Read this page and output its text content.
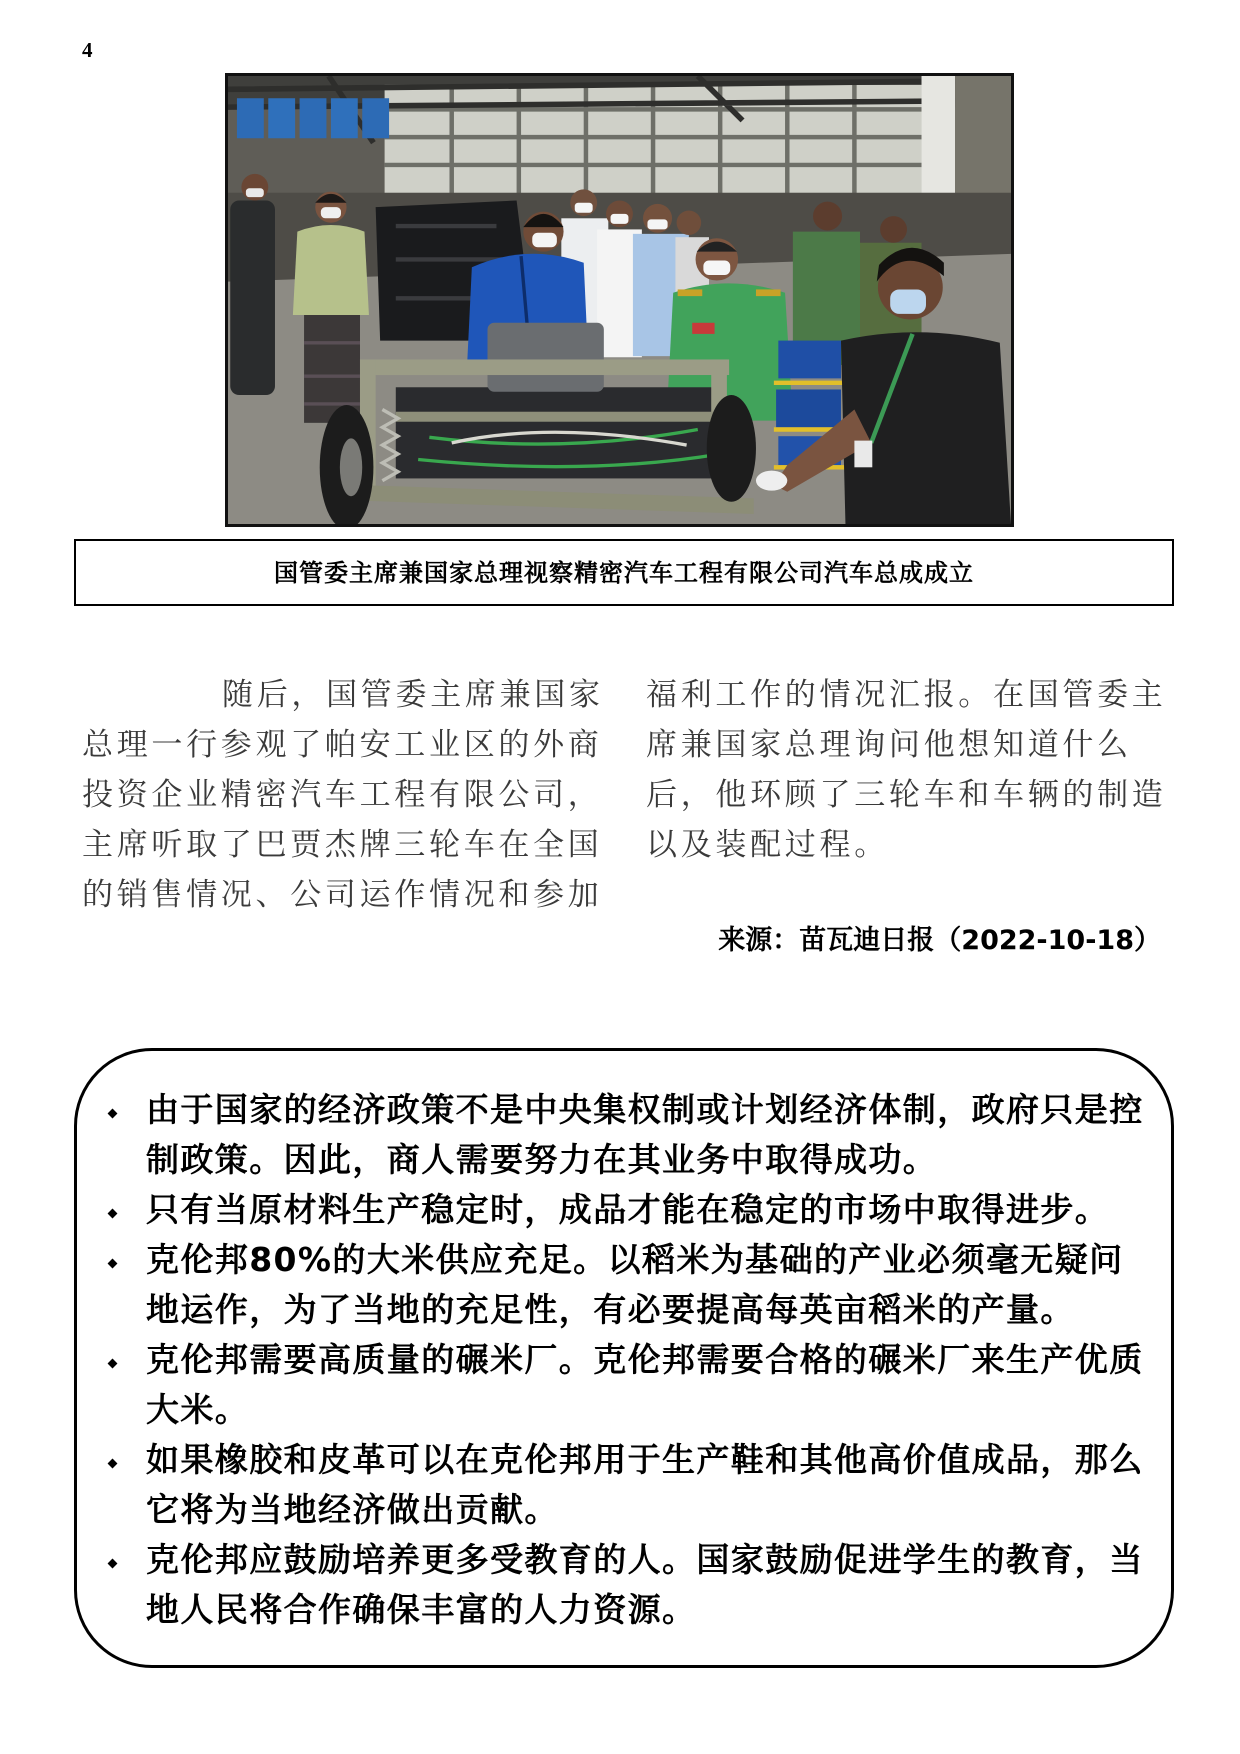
4
国管委主席兼国家总理视察精密汽车工程有限公司汽车总成成立

随后，国管委主席兼国家总理一行参观了帕安工业区的外商投资企业精密汽车工程有限公司，主席听取了巴贾杰牌三轮车在全国的销售情况、公司运作情况和参加

福利工作的情况汇报。在国管委主席兼国家总理询问他想知道什么后，他环顾了三轮车和车辆的制造以及装配过程。

来源：苗瓦迪日报（2022-10-18）
由于国家的经济政策不是中央集权制或计划经济体制，政府只是控制政策。因此，商人需要努力在其业务中取得成功。
只有当原材料生产稳定时，成品才能在稳定的市场中取得进步。
克伦邦80%的大米供应充足。以稻米为基础的产业必须毫无疑问地运作，为了当地的充足性，有必要提高每英亩稻米的产量。
克伦邦需要高质量的碾米厂。克伦邦需要合格的碾米厂来生产优质大米。
如果橡胶和皮革可以在克伦邦用于生产鞋和其他高价值成品，那么它将为当地经济做出贡献。
克伦邦应鼓励培养更多受教育的人。国家鼓励促进学生的教育，当地人民将合作确保丰富的人力资源。
